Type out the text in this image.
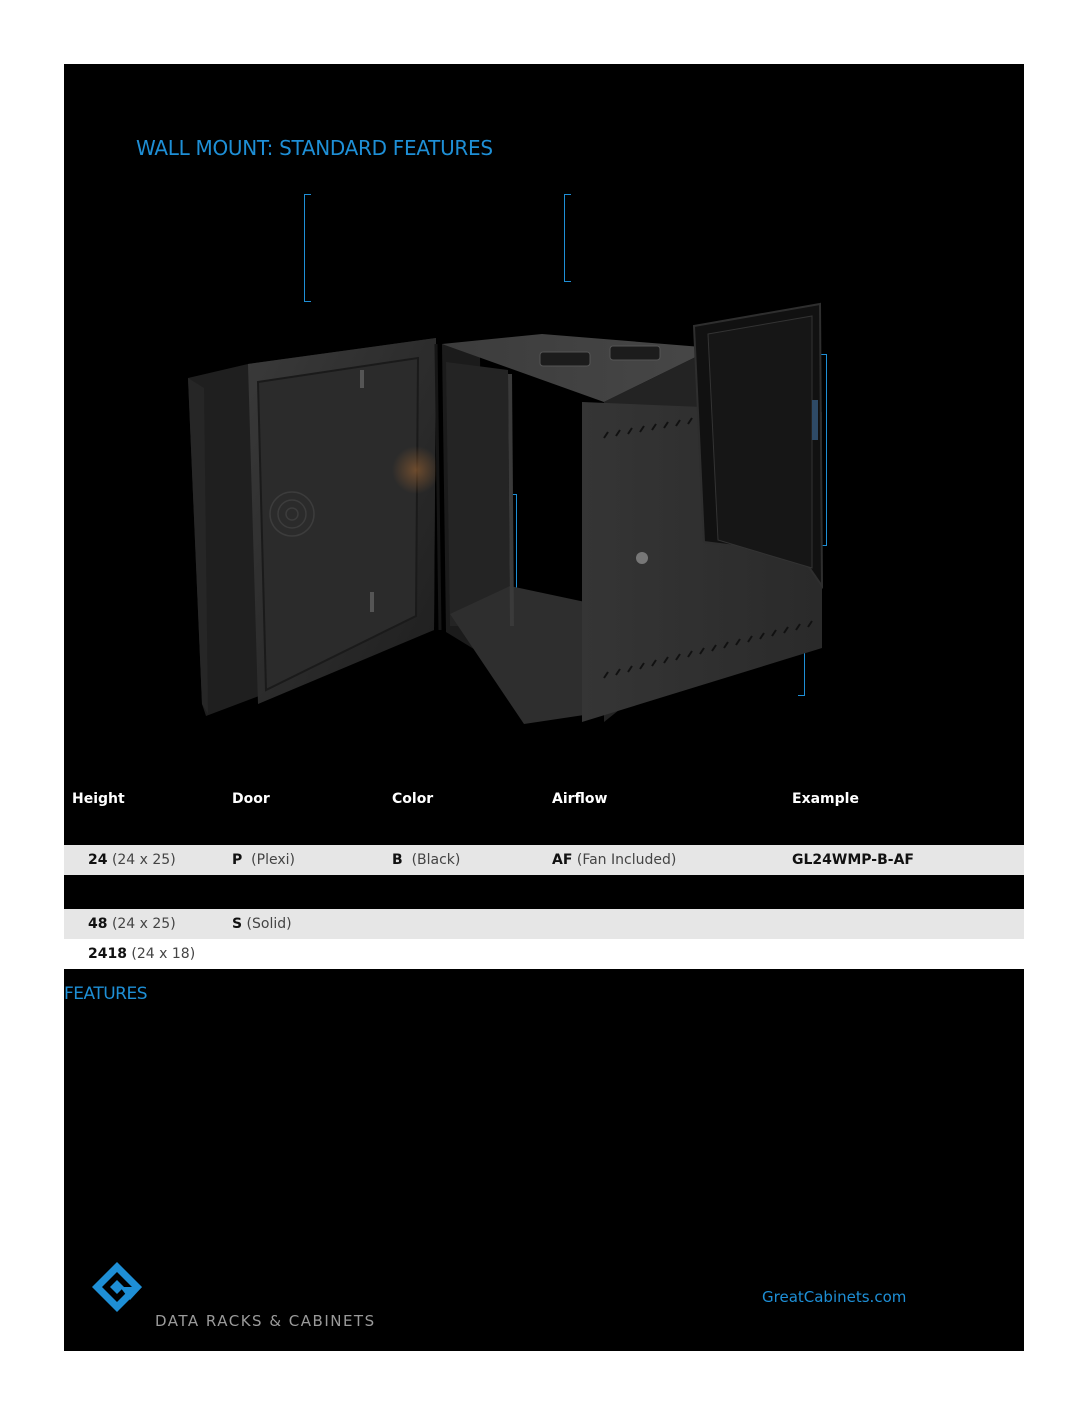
WALL MOUNT: STANDARD FEATURES
Height	Door	Color	Airflow	Example
24 (24 x 25)	P (Plexi)	B (Black)	AF (Fan Included)	GL24WMP-B-AF
48 (24 x 25)	S (Solid)
2418 (24 x 18)
FEATURES
DATA RACKS & CABINETS
GreatCabinets.com
